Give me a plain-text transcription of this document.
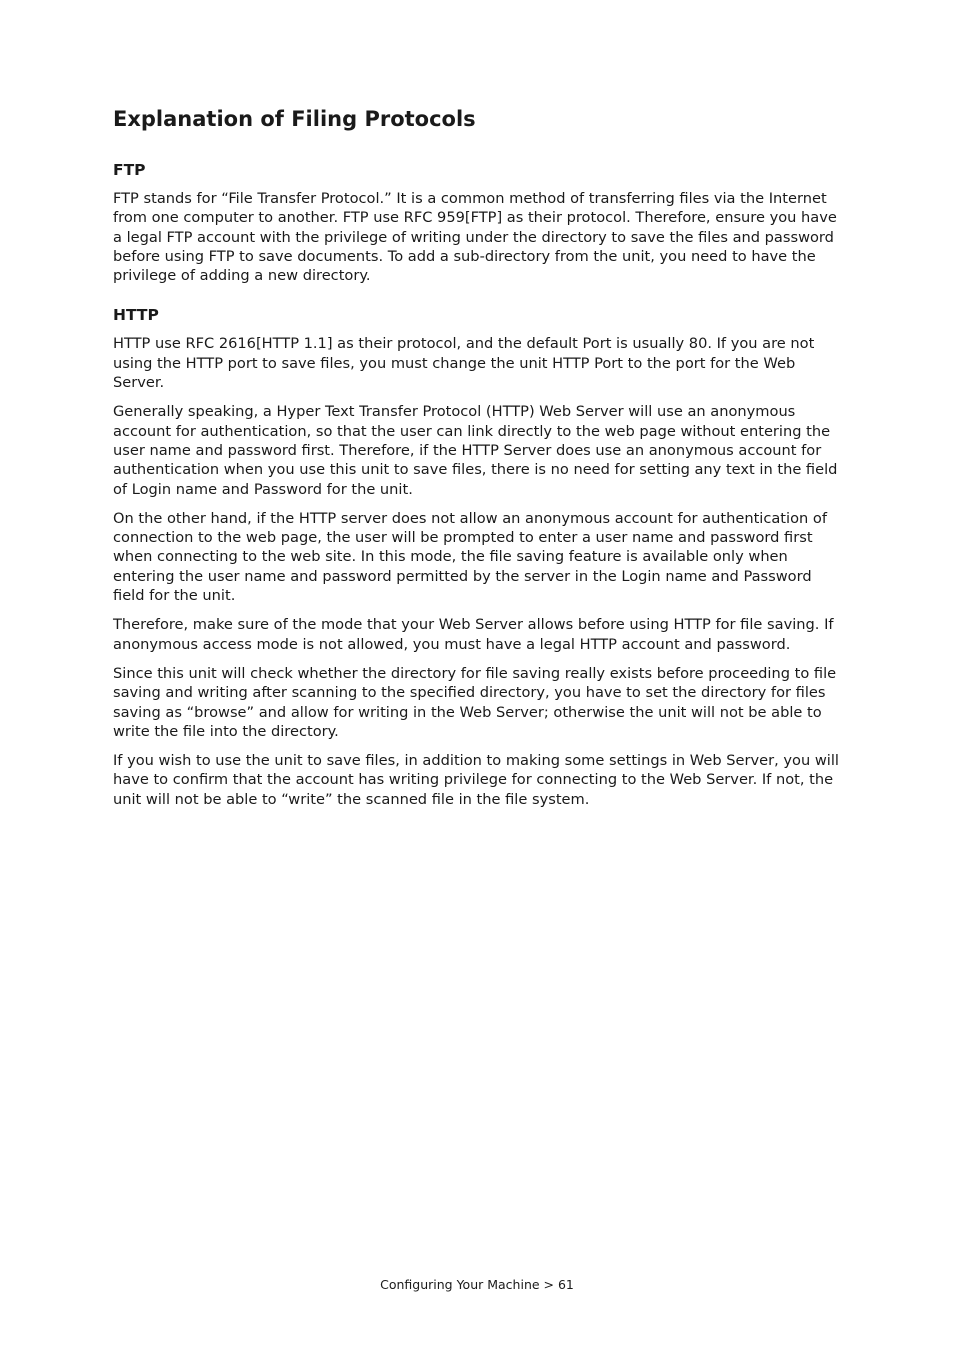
Explanation of Filing Protocols
FTP

FTP stands for “File Transfer Protocol.” It is a common method of transferring files via the Internet from one computer to another. FTP use RFC 959[FTP] as their protocol. Therefore, ensure you have a legal FTP account with the privilege of writing under the directory to save the files and password before using FTP to save documents. To add a sub-directory from the unit, you need to have the privilege of adding a new directory.

HTTP

HTTP use RFC 2616[HTTP 1.1] as their protocol, and the default Port is usually 80. If you are not using the HTTP port to save files, you must change the unit HTTP Port to the port for the Web Server.

Generally speaking, a Hyper Text Transfer Protocol (HTTP) Web Server will use an anonymous account for authentication, so that the user can link directly to the web page without entering the user name and password first. Therefore, if the HTTP Server does use an anonymous account for authentication when you use this unit to save files, there is no need for setting any text in the field of Login name and Password for the unit.

On the other hand, if the HTTP server does not allow an anonymous account for authentication of connection to the web page, the user will be prompted to enter a user name and password first when connecting to the web site. In this mode, the file saving feature is available only when entering the user name and password permitted by the server in the Login name and Password field for the unit.

Therefore, make sure of the mode that your Web Server allows before using HTTP for file saving. If anonymous access mode is not allowed, you must have a legal HTTP account and password.

Since this unit will check whether the directory for file saving really exists before proceeding to file saving and writing after scanning to the specified directory, you have to set the directory for files saving as “browse” and allow for writing in the Web Server; otherwise the unit will not be able to write the file into the directory.

If you wish to use the unit to save files, in addition to making some settings in Web Server, you will have to confirm that the account has writing privilege for connecting to the Web Server. If not, the unit will not be able to “write” the scanned file in the file system.

Configuring Your Machine > 61
